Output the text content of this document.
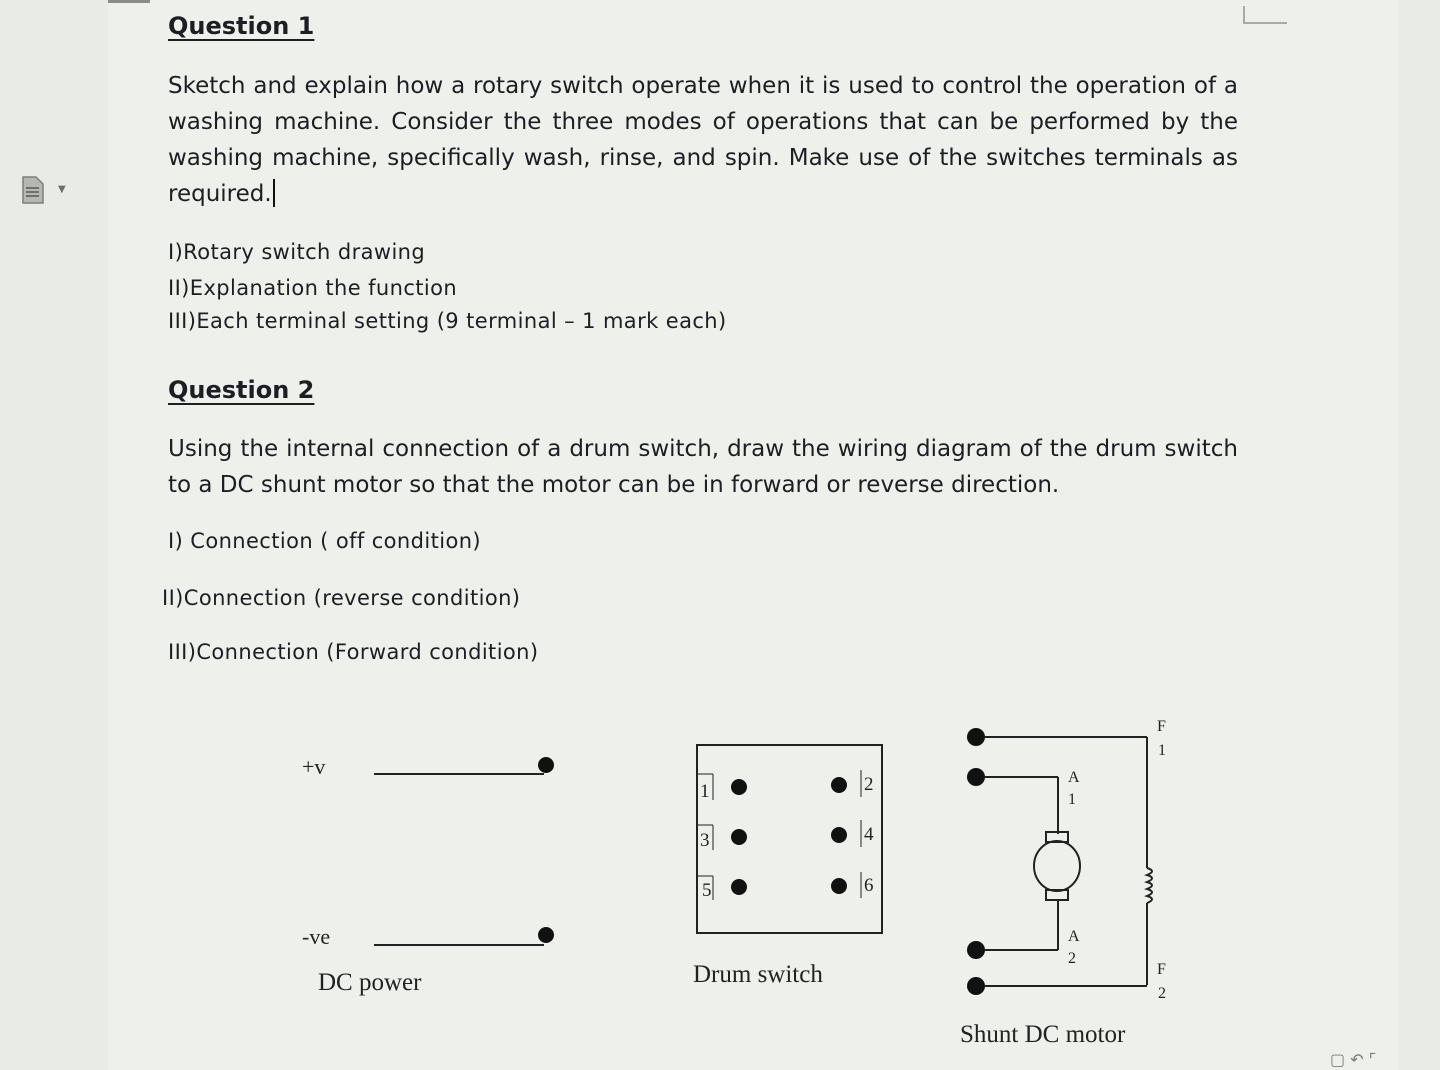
▼
Question 1
Sketch and explain how a rotary switch operate when it is used to control the operation of a washing machine. Consider the three modes of operations that can be performed by the washing machine, specifically wash, rinse, and spin. Make use of the switches terminals as required.
I)Rotary switch drawing
II)Explanation the function
III)Each terminal setting (9 terminal – 1 mark each)
Question 2
Using the internal connection of a drum switch, draw the wiring diagram of the drum switch to a DC shunt motor so that the motor can be in forward or reverse direction.
I) Connection ( off condition)
II)Connection (reverse condition)
III)Connection (Forward condition)
+v
-ve
DC power
1	2
3	4
5	6
Drum switch
F
1
F
2
A
1
A
2
Shunt DC motor
▢ ↶ ⌜
